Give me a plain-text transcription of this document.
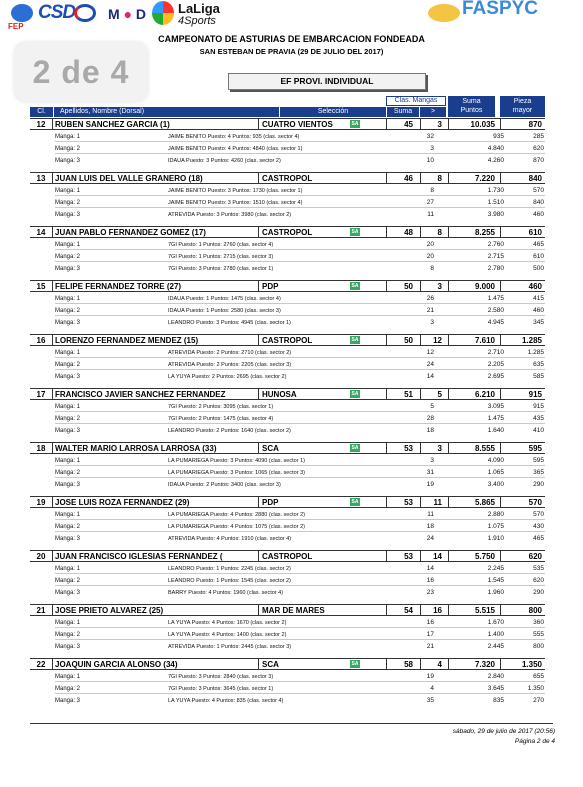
FEP
CSD M ● D LaLiga
4Sports
FASPYC
CAMPEONATO DE ASTURIAS DE EMBARCACION FONDEADA
SAN ESTEBAN DE PRAVIA (29 DE JULIO DEL 2017)
2 de 4	EF PROVI. INDIVIDUAL
Clas. Mangas	Suma
Puntos
Pieza
mayor
Cl.	Apellidos, Nombre (Dorsal)	Selección	Suma	>
12	RUBEN SANCHEZ GARCIA (1)	CUATRO VIENTOS	45	3	10.035	870
SA
Manga: 1	JAIME BENITO Puesto: 4 Puntos: 935 (clas. sector 4)	32	935	285
Manga: 2	JAIME BENITO Puesto: 4 Puntos: 4840 (clas. sector 1)	3	4.840	620
Manga: 3	IDAUA Puesto: 3 Puntos: 4260 (clas. sector 2)	10	4.260	870
13	JUAN LUIS DEL VALLE GRANERO (18)	CASTROPOL	46	8	7.220	840
Manga: 1	JAIME BENITO Puesto: 3 Puntos: 1730 (clas. sector 1)	8	1.730	570
Manga: 2	JAIME BENITO Puesto: 3 Puntos: 1510 (clas. sector 4)	27	1.510	840
Manga: 3	ATREVIDA Puesto: 3 Puntos: 3980 (clas. sector 2)	11	3.980	460
14	JUAN PABLO FERNANDEZ GOMEZ (17)	CASTROPOL	48	8	8.255	610
SA
Manga: 1	7GI Puesto: 1 Puntos: 2760 (clas. sector 4)	20	2.760	465
Manga: 2	7GI Puesto: 1 Puntos: 2715 (clas. sector 3)	20	2.715	610
Manga: 3	7GI Puesto: 3 Puntos: 2780 (clas. sector 1)	8	2.780	500
15	FELIPE FERNANDEZ TORRE (27)	PDP	50	3	9.000	460
SA
Manga: 1	IDAUA Puesto: 1 Puntos: 1475 (clas. sector 4)	26	1.475	415
Manga: 2	IDAUA Puesto: 1 Puntos: 2580 (clas. sector 3)	21	2.580	460
Manga: 3	LEANDRO Puesto: 3 Puntos: 4945 (clas. sector 1)	3	4.945	345
16	LORENZO FERNANDEZ MENDEZ (15)	CASTROPOL	50	12	7.610	1.285
SA
Manga: 1	ATREVIDA Puesto: 2 Puntos: 2710 (clas. sector 2)	12	2.710	1.285
Manga: 2	ATREVIDA Puesto: 2 Puntos: 2205 (clas. sector 3)	24	2.205	635
Manga: 3	LA YUYA Puesto: 2 Puntos: 2695 (clas. sector 2)	14	2.695	585
17	FRANCISCO JAVIER SANCHEZ FERNANDEZ	HUNOSA	51	5	6.210	915
SA
Manga: 1	7GI Puesto: 2 Puntos: 3095 (clas. sector 1)	5	3.095	915
Manga: 2	7GI Puesto: 2 Puntos: 1475 (clas. sector 4)	28	1.475	435
Manga: 3	LEANDRO Puesto: 2 Puntos: 1640 (clas. sector 2)	18	1.640	410
18	WALTER MARIO LARROSA LARROSA (33)	SCA	53	3	8.555	595
SA
Manga: 1	LA PUMARIEGA Puesto: 3 Puntos: 4090 (clas. sector 1)	3	4.090	595
Manga: 2	LA PUMARIEGA Puesto: 3 Puntos: 1065 (clas. sector 3)	31	1.065	365
Manga: 3	IDAUA Puesto: 2 Puntos: 3400 (clas. sector 3)	19	3.400	290
19	JOSE LUIS ROZA FERNANDEZ (29)	PDP	53	11	5.865	570
SA
Manga: 1	LA PUMARIEGA Puesto: 4 Puntos: 2880 (clas. sector 2)	11	2.880	570
Manga: 2	LA PUMARIEGA Puesto: 4 Puntos: 1075 (clas. sector 2)	18	1.075	430
Manga: 3	ATREVIDA Puesto: 4 Puntos: 1910 (clas. sector 4)	24	1.910	465
20	JUAN FRANCISCO IGLESIAS FERNANDEZ (	CASTROPOL	53	14	5.750	620
Manga: 1	LEANDRO Puesto: 1 Puntos: 2245 (clas. sector 2)	14	2.245	535
Manga: 2	LEANDRO Puesto: 1 Puntos: 1545 (clas. sector 2)	16	1.545	620
Manga: 3	BARRY Puesto: 4 Puntos: 1960 (clas. sector 4)	23	1.960	290
21	JOSE PRIETO ALVAREZ (25)	MAR DE MARES	54	16	5.515	800
Manga: 1	LA YUYA Puesto: 4 Puntos: 1670 (clas. sector 2)	16	1.670	360
Manga: 2	LA YUYA Puesto: 4 Puntos: 1400 (clas. sector 2)	17	1.400	555
Manga: 3	ATREVIDA Puesto: 1 Puntos: 2445 (clas. sector 3)	21	2.445	800
22	JOAQUIN GARCIA ALONSO (34)	SCA	58	4	7.320	1.350
SA
Manga: 1	7GI Puesto: 3 Puntos: 2840 (clas. sector 3)	19	2.840	655
Manga: 2	7GI Puesto: 3 Puntos: 3645 (clas. sector 1)	4	3.645	1.350
Manga: 3	LA YUYA Puesto: 4 Puntos: 835 (clas. sector 4)	35	835	270
sábado, 29 de julio de 2017 (20:56)
Página 2 de 4
